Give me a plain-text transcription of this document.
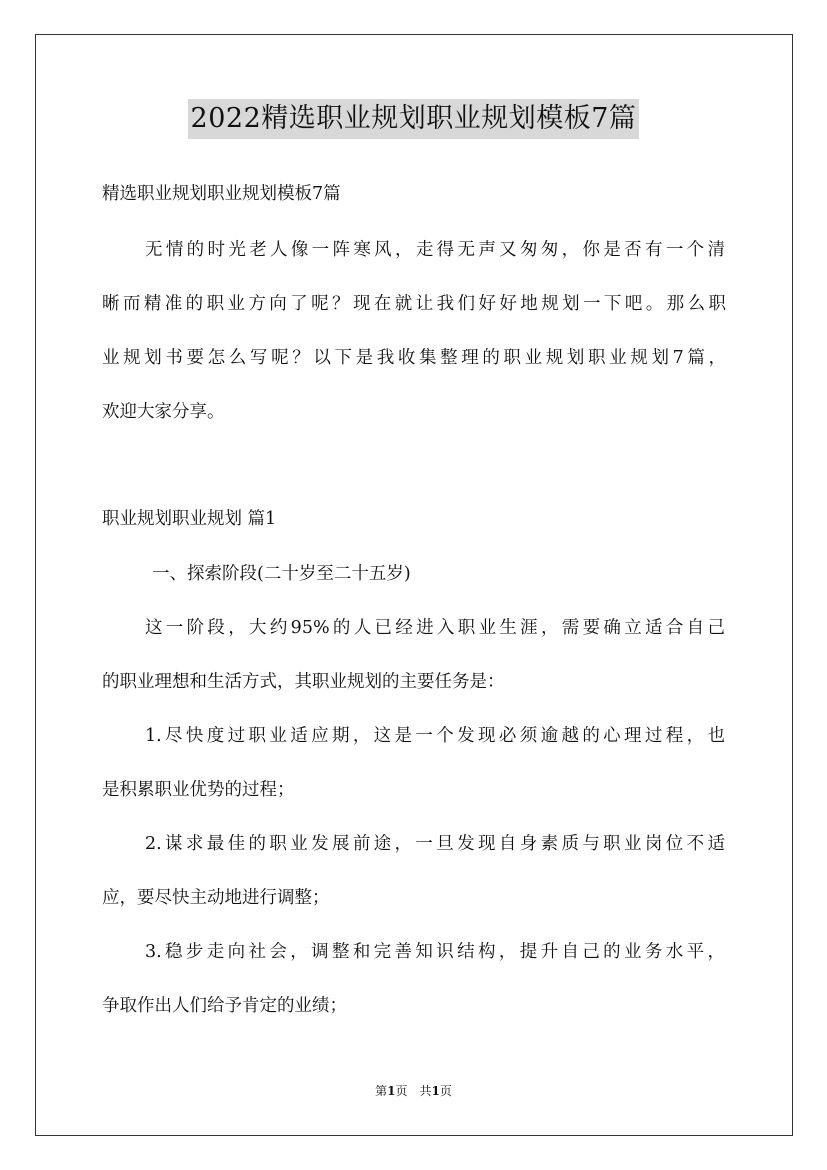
2022精选职业规划职业规划模板7篇
精选职业规划职业规划模板7篇
无情的时光老人像一阵寒风，走得无声又匆匆，你是否有一个清
晰而精准的职业方向了呢？现在就让我们好好地规划一下吧。那么职
业规划书要怎么写呢？以下是我收集整理的职业规划职业规划7篇，
欢迎大家分享。
职业规划职业规划 篇1
一、探索阶段(二十岁至二十五岁)
这一阶段，大约95%的人已经进入职业生涯，需要确立适合自己
的职业理想和生活方式，其职业规划的主要任务是：
1.尽快度过职业适应期，这是一个发现必须逾越的心理过程，也
是积累职业优势的过程；
2.谋求最佳的职业发展前途，一旦发现自身素质与职业岗位不适
应，要尽快主动地进行调整；
3.稳步走向社会，调整和完善知识结构，提升自己的业务水平，
争取作出人们给予肯定的业绩；
第1页　共1页
